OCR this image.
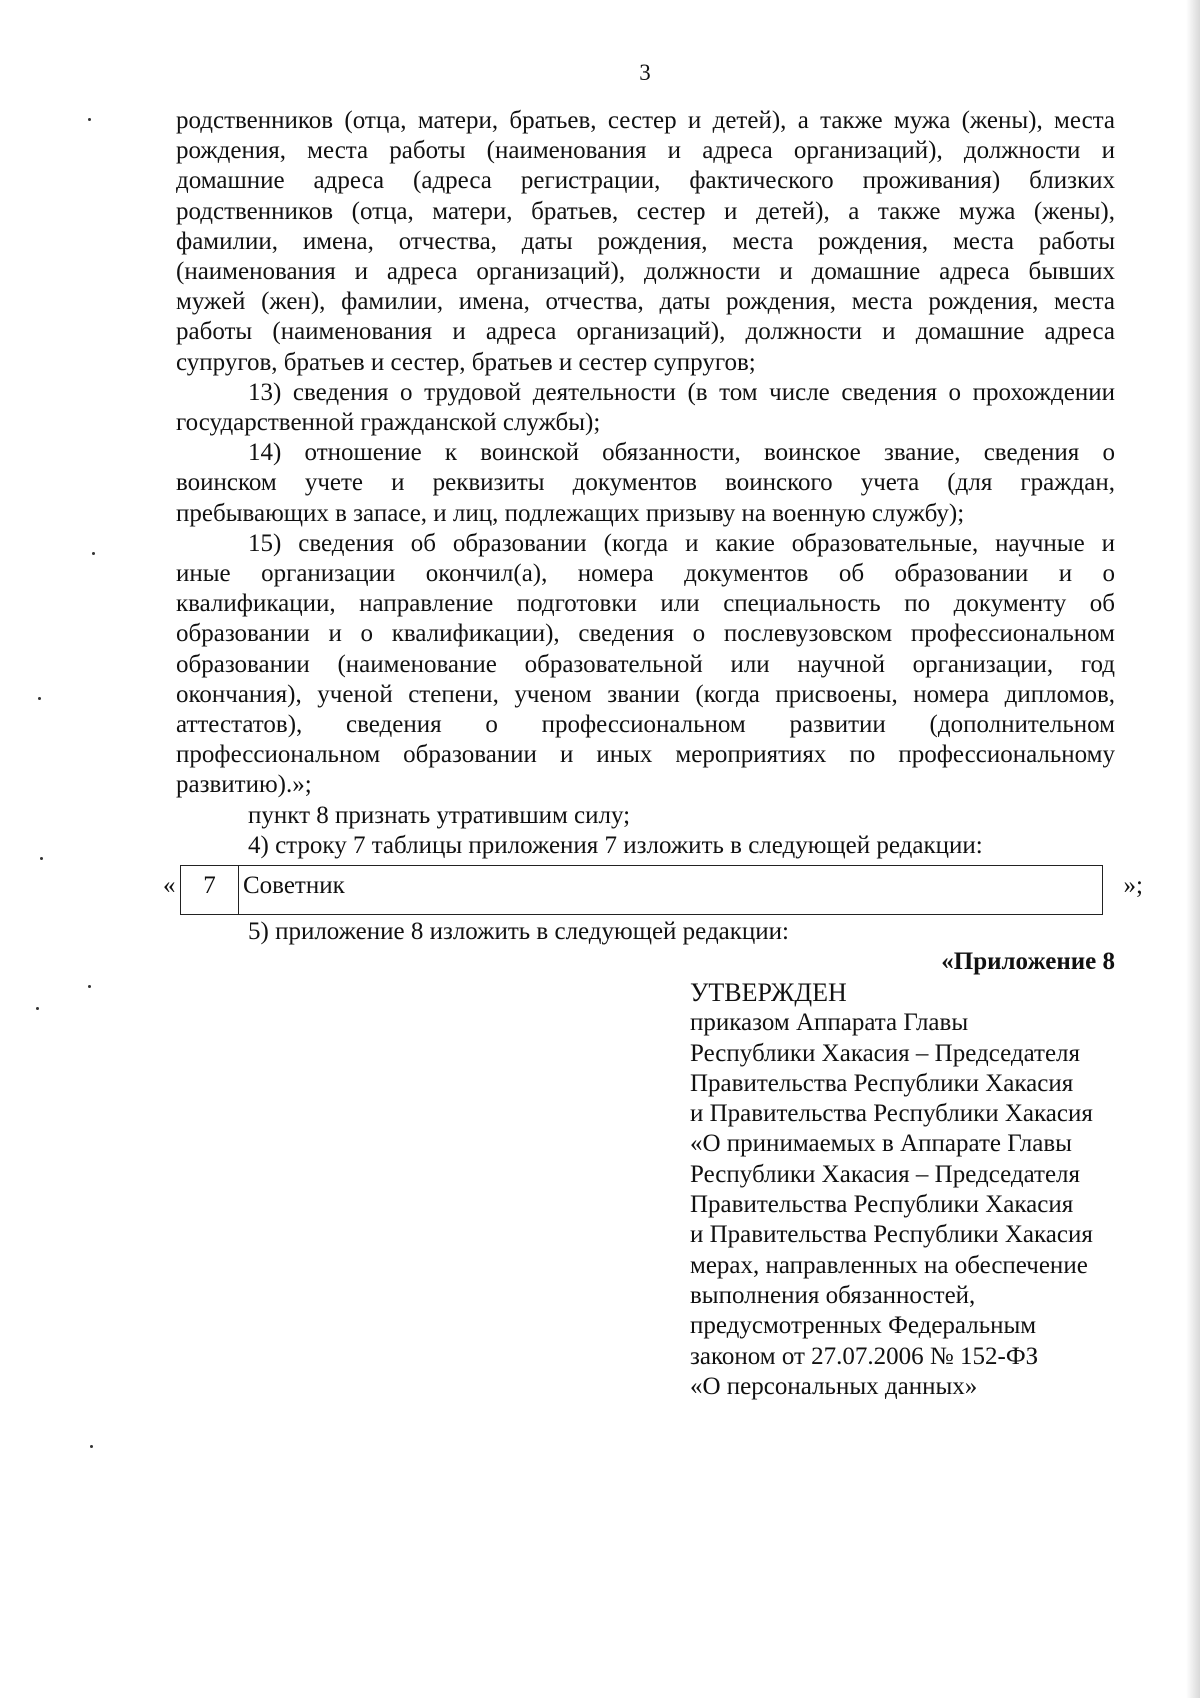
3

родственников (отца, матери, братьев, сестер и детей), а также мужа (жены), места

рождения, места работы (наименования и адреса организаций), должности и

домашние адреса (адреса регистрации, фактического проживания) близких

родственников (отца, матери, братьев, сестер и детей), а также мужа (жены),

фамилии, имена, отчества, даты рождения, места рождения, места работы

(наименования и адреса организаций), должности и домашние адреса бывших

мужей (жен), фамилии, имена, отчества, даты рождения, места рождения, места

работы (наименования и адреса организаций), должности и домашние адреса

супругов, братьев и сестер, братьев и сестер супругов;

13) сведения о трудовой деятельности (в том числе сведения о прохождении

государственной гражданской службы);

14) отношение к воинской обязанности, воинское звание, сведения о

воинском учете и реквизиты документов воинского учета (для граждан,

пребывающих в запасе, и лиц, подлежащих призыву на военную службу);

15) сведения об образовании (когда и какие образовательные, научные и

иные организации окончил(а), номера документов об образовании и о

квалификации, направление подготовки или специальность по документу об

образовании и о квалификации), сведения о послевузовском профессиональном

образовании (наименование образовательной или научной организации, год

окончания), ученой степени, ученом звании (когда присвоены, номера дипломов,

аттестатов), сведения о профессиональном развитии (дополнительном

профессиональном образовании и иных мероприятиях по профессиональному

развитию).»;

пункт 8 признать утратившим силу;

4) строку 7 таблицы приложения 7 изложить в следующей редакции:

«	7	Советник	»;
5) приложение 8 изложить в следующей редакции:
«Приложение 8

УТВЕРЖДЕН

приказом Аппарата Главы

Республики Хакасия – Председателя

Правительства Республики Хакасия

и Правительства Республики Хакасия

«О принимаемых в Аппарате Главы

Республики Хакасия – Председателя

Правительства Республики Хакасия

и Правительства Республики Хакасия

мерах, направленных на обеспечение

выполнения обязанностей,

предусмотренных Федеральным

законом от 27.07.2006 № 152-ФЗ

«О персональных данных»
